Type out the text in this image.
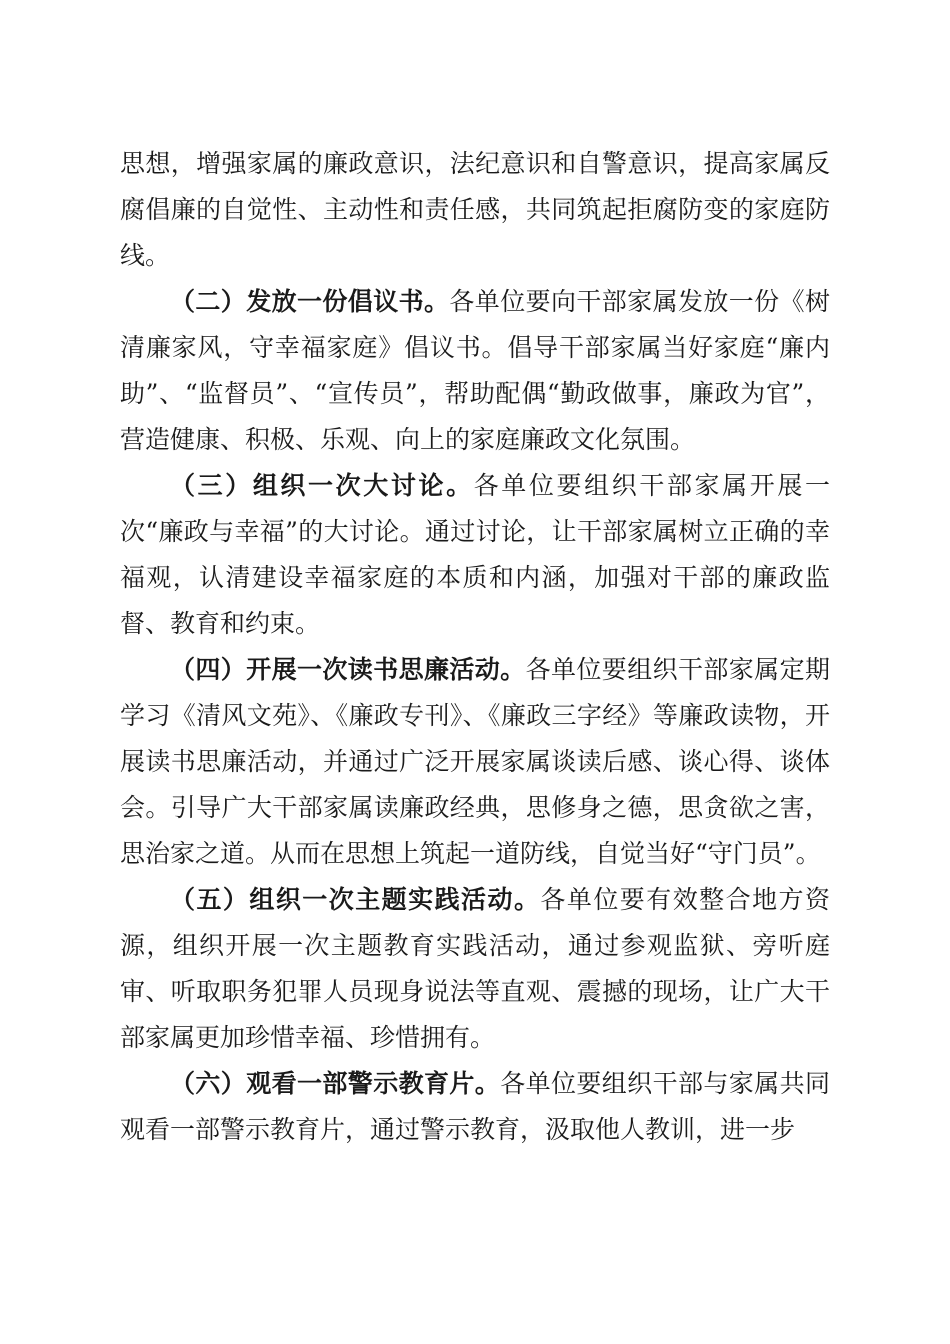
思想，增强家属的廉政意识，法纪意识和自警意识，提高家属反腐倡廉的自觉性、主动性和责任感，共同筑起拒腐防变的家庭防线。

（二）发放一份倡议书。各单位要向干部家属发放一份《树清廉家风，守幸福家庭》倡议书。倡导干部家属当好家庭“廉内助”、“监督员”、“宣传员”，帮助配偶“勤政做事，廉政为官”，营造健康、积极、乐观、向上的家庭廉政文化氛围。

（三）组织一次大讨论。各单位要组织干部家属开展一次“廉政与幸福”的大讨论。通过讨论，让干部家属树立正确的幸福观，认清建设幸福家庭的本质和内涵，加强对干部的廉政监督、教育和约束。

（四）开展一次读书思廉活动。各单位要组织干部家属定期学习《清风文苑》、《廉政专刊》、《廉政三字经》等廉政读物，开展读书思廉活动，并通过广泛开展家属谈读后感、谈心得、谈体会。引导广大干部家属读廉政经典，思修身之德，思贪欲之害，思治家之道。从而在思想上筑起一道防线，自觉当好“守门员”。

（五）组织一次主题实践活动。各单位要有效整合地方资源，组织开展一次主题教育实践活动，通过参观监狱、旁听庭审、听取职务犯罪人员现身说法等直观、震撼的现场，让广大干部家属更加珍惜幸福、珍惜拥有。

（六）观看一部警示教育片。各单位要组织干部与家属共同观看一部警示教育片，通过警示教育，汲取他人教训，进一步
